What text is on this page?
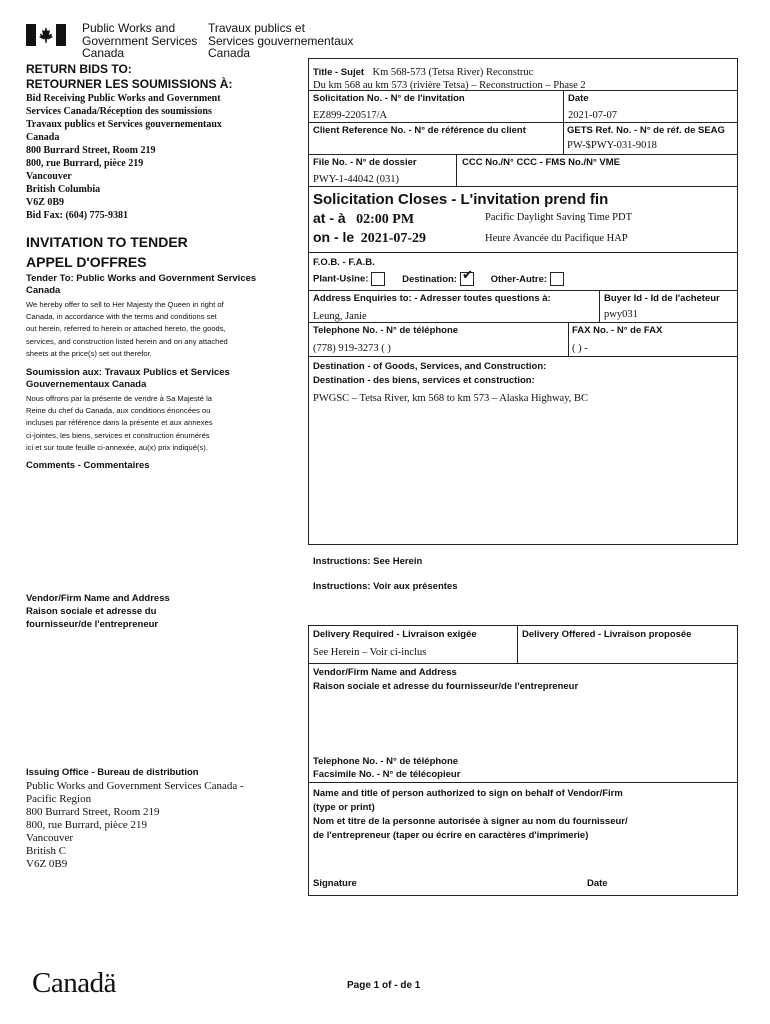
Public Works and
Government Services
Canada
Travaux publics et
Services gouvernementaux
Canada
RETURN BIDS TO:
RETOURNER LES SOUMISSIONS À:
Bid Receiving Public Works and Government
Services Canada/Réception des soumissions
Travaux publics et Services gouvernementaux
Canada
800 Burrard Street, Room 219
800, rue Burrard, pièce 219
Vancouver
British Columbia
V6Z 0B9
Bid Fax: (604) 775-9381
INVITATION TO TENDER
APPEL D'OFFRES
Tender To: Public Works and Government Services Canada
We hereby offer to sell to Her Majesty the Queen in right of
Canada, in accordance with the terms and conditions set
out herein, referred to herein or attached hereto, the goods,
services, and construction listed herein and on any attached
sheets at the price(s) set out therefor.
Soumission aux: Travaux Publics et Services Gouvernementaux Canada
Nous offrons par la présente de vendre à Sa Majesté la
Reine du chef du Canada, aux conditions énoncées ou
incluses par référence dans la présente et aux annexes
ci-jointes, les biens, services et construction énumérés
ici et sur toute feuille ci-annexée, au(x) prix indiqué(s).
Comments - Commentaires
Vendor/Firm Name and Address
Raison sociale et adresse du
fournisseur/de l'entrepreneur
Issuing Office - Bureau de distribution
Public Works and Government Services Canada -
Pacific Region
800 Burrard Street, Room 219
800, rue Burrard, pièce 219
Vancouver
British C
V6Z 0B9
Title - Sujet Km 568-573 (Tetsa River) Reconstruc
Du km 568 au km 573 (rivière Tetsa) – Reconstruction – Phase 2
Solicitation No. - N° de l'invitation
EZ899-220517/A
Date
2021-07-07
Client Reference No. - N° de référence du client	GETS Ref. No. - N° de réf. de SEAG
PW-$PWY-031-9018
File No. - N° de dossier
PWY-1-44042 (031)
CCC No./N° CCC - FMS No./N° VME
Solicitation Closes - L'invitation prend fin
at - à 02:00 PM
on - le 2021-07-29
Pacific Daylight Saving Time PDT
Heure Avancée du Pacifique HAP
F.O.B. - F.A.B.
Plant-Usine:	Destination:✔	Other-Autre:
Address Enquiries to: - Adresser toutes questions à:
Leung, Janie
Buyer Id - Id de l'acheteur
pwy031
Telephone No. - N° de téléphone
(778) 919-3273 ( )
FAX No. - N° de FAX
( ) -
Destination - of Goods, Services, and Construction:
Destination - des biens, services et construction:
PWGSC – Tetsa River, km 568 to km 573 – Alaska Highway, BC
Instructions: See Herein
Instructions: Voir aux présentes
Delivery Required - Livraison exigée
See Herein – Voir ci-inclus
Delivery Offered - Livraison proposée
Vendor/Firm Name and Address
Raison sociale et adresse du fournisseur/de l'entrepreneur
Telephone No. - N° de téléphone
Facsimile No. - N° de télécopieur
Name and title of person authorized to sign on behalf of Vendor/Firm
(type or print)
Nom et titre de la personne autorisée à signer au nom du fournisseur/
de l'entrepreneur (taper ou écrire en caractères d'imprimerie)
Signature	Date
Canadä	Page 1 of - de 1
